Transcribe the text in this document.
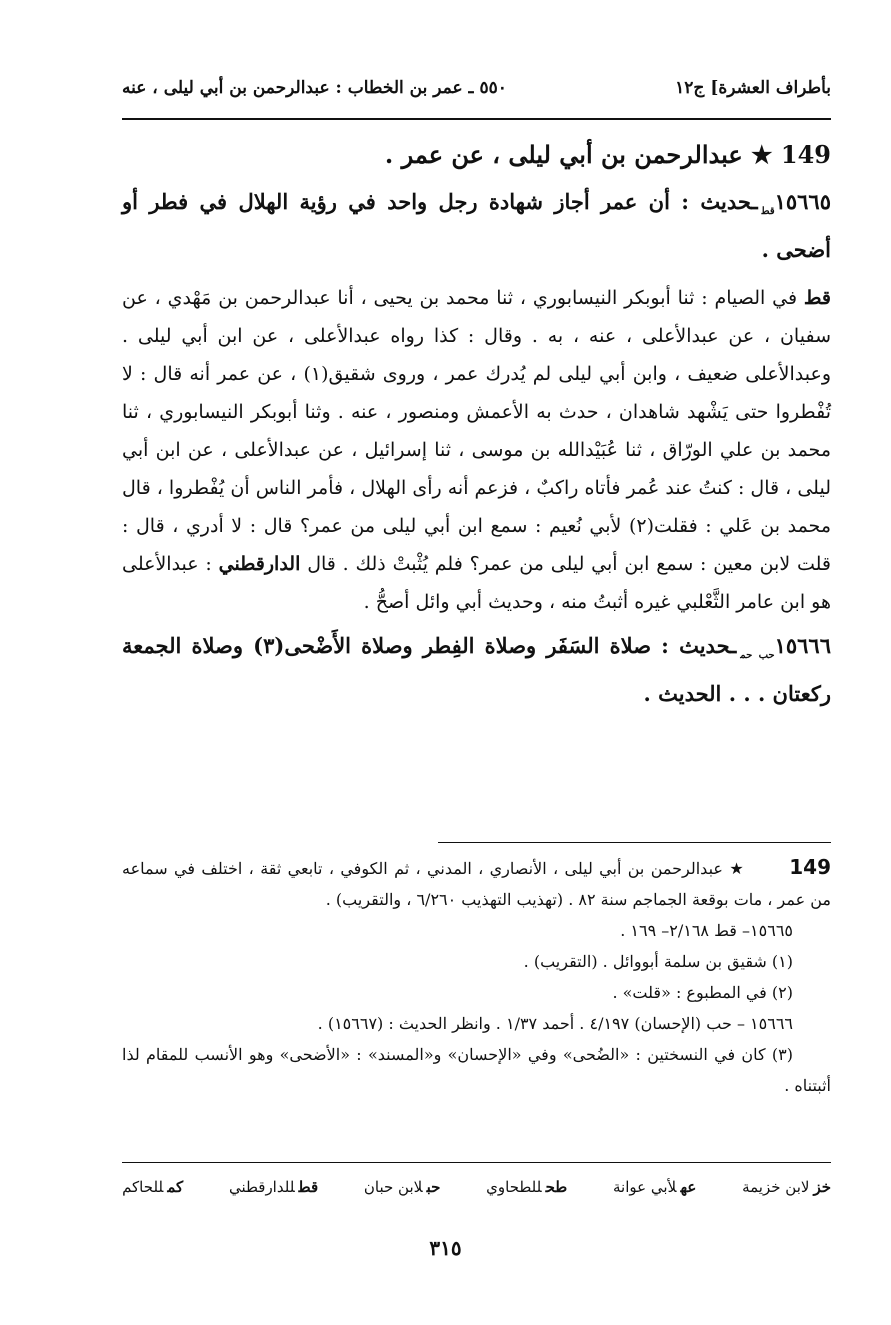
بأطراف العشرة] ج١٢
٥٥٠ ـ عمر بن الخطاب : عبدالرحمن بن أبي ليلى ، عنه
149 ★ عبدالرحمن بن أبي ليلى ، عن عمر .

$١٥٦٦٥_{قط}ـحديث$ : أن عمر أجاز شهادة رجل واحد في رؤية الهلال في فطر أو أضحى .

قط في الصيام : ثنا أبوبكر النيسابوري ، ثنا محمد بن يحيى ، أنا عبدالرحمن بن مَهْدي ، عن سفيان ، عن عبدالأعلى ، عنه ، به . وقال : كذا رواه عبدالأعلى ، عن ابن أبي ليلى . وعبدالأعلى ضعيف ، وابن أبي ليلى لم يُدرك عمر ، وروى شقيق(١) ، عن عمر أنه قال : لا تُفْطروا حتى يَشْهد شاهدان ، حدث به الأعمش ومنصور ، عنه . وثنا أبوبكر النيسابوري ، ثنا محمد بن علي الورّاق ، ثنا عُبَيْدالله بن موسى ، ثنا إسرائيل ، عن عبدالأعلى ، عن ابن أبي ليلى ، قال : كنتُ عند عُمر فأتاه راكبٌ ، فزعم أنه رأى الهلال ، فأمر الناس أن يُفْطروا ، قال محمد بن عَلي : فقلت(٢) لأبي نُعيم : سمع ابن أبي ليلى من عمر؟ قال : لا أدري ، قال : قلت لابن معين : سمع ابن أبي ليلى من عمر؟ فلم يُثْبتْ ذلك . قال الدارقطني : عبدالأعلى هو ابن عامر الثَّعْلبي غيره أثبتُ منه ، وحديث أبي وائل أصحُّ .

$١٥٦٦٦_{حب حم}ـحديث$ : صلاة السَفَر وصلاة الفِطر وصلاة الأَضْحى(٣) وصلاة الجمعة ركعتان . . . الحديث .

149 ★ عبدالرحمن بن أبي ليلى ، الأنصاري ، المدني ، ثم الكوفي ، تابعي ثقة ، اختلف في سماعه من عمر ، مات بوقعة الجماجم سنة ٨٢ . (تهذيب التهذيب ٦/٢٦٠ ، والتقريب) .

١٥٦٦٥– قط ٢/١٦٨– ١٦٩ .

(١) شقيق بن سلمة أبووائل . (التقريب) .

(٢) في المطبوع : «قلت» .

١٥٦٦٦ – حب (الإحسان) ٤/١٩٧ . أحمد ١/٣٧ . وانظر الحديث : (١٥٦٦٧) .

(٣) كان في النسختين : «الضُحى» وفي «الإحسان» و«المسند» : «الأضحى» وهو الأنسب للمقام لذا أثبتناه .

خزلابن خزيمة
عهلأبي عوانة
طحللطحاوي
حبلابن حبان
قطللدارقطني
كمللحاكم
٣١٥
